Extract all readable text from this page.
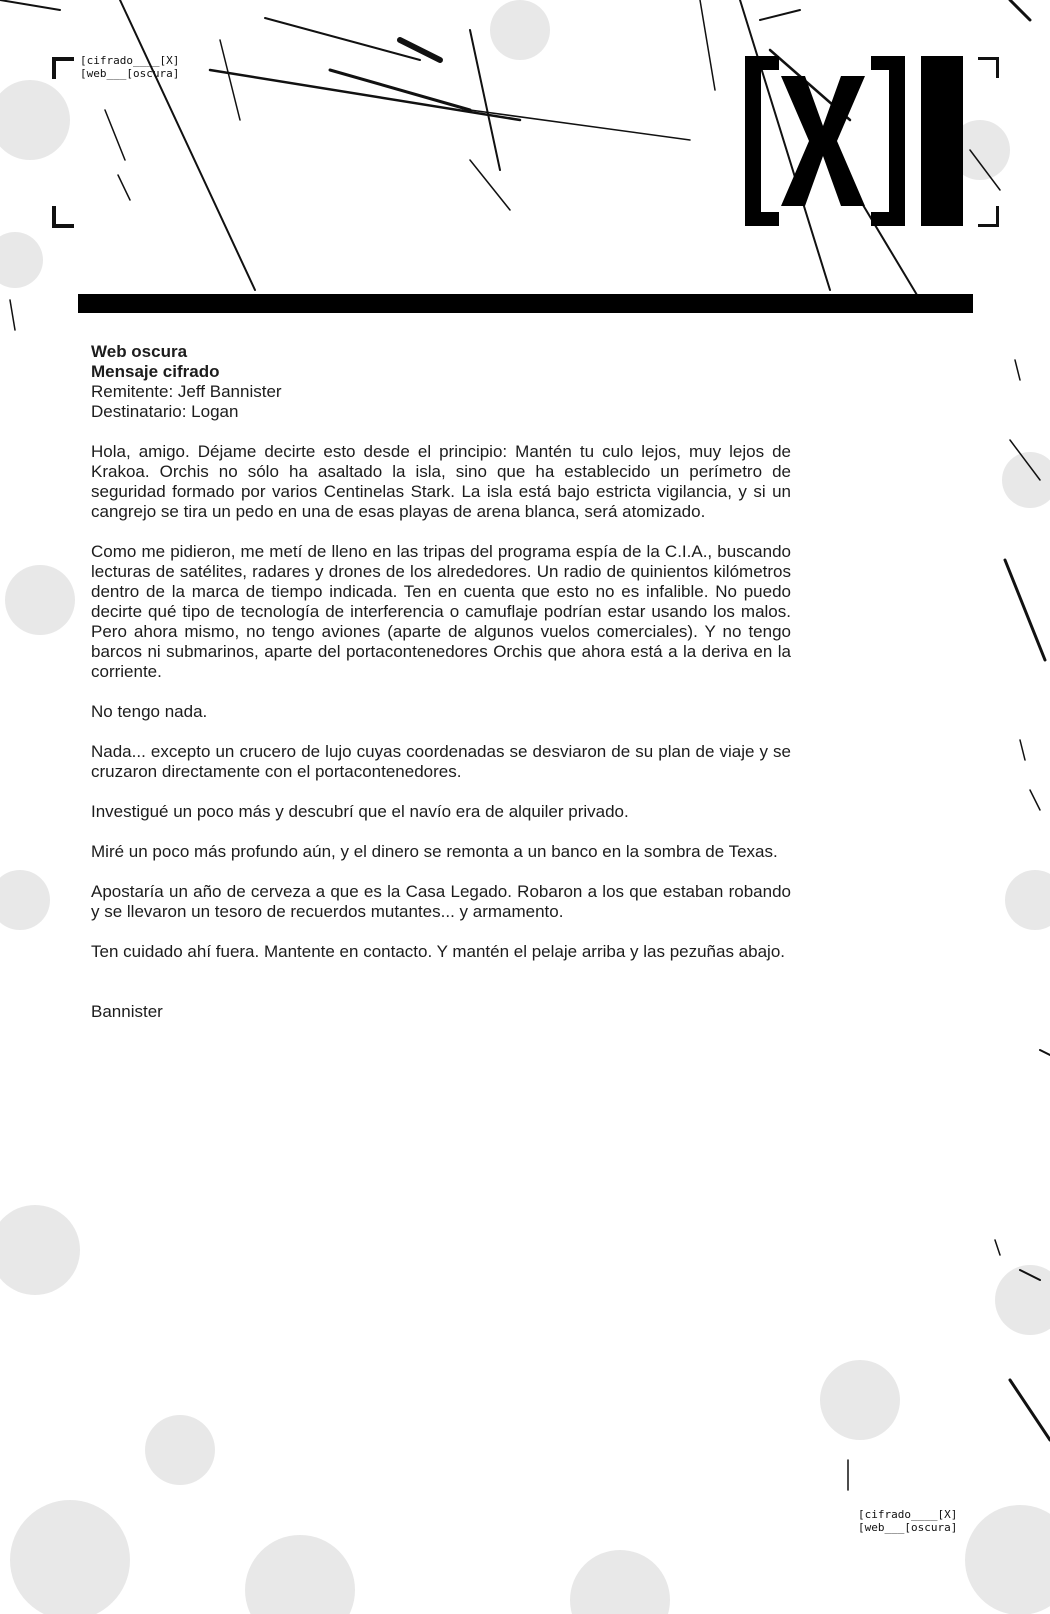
[cifrado____[X]
[web___[oscura]
Web oscura
Mensaje cifrado
Remitente: Jeff Bannister
Destinatario: Logan

Hola, amigo. Déjame decirte esto desde el principio: Mantén tu culo lejos, muy lejos de Krakoa. Orchis no sólo ha asaltado la isla, sino que ha establecido un perímetro de seguridad formado por varios Centinelas Stark. La isla está bajo estricta vigilancia, y si un cangrejo se tira un pedo en una de esas playas de arena blanca, será atomizado.

Como me pidieron, me metí de lleno en las tripas del programa espía de la C.I.A., buscando lecturas de satélites, radares y drones de los alrededores. Un radio de quinientos kilómetros dentro de la marca de tiempo indicada. Ten en cuenta que esto no es infalible. No puedo decirte qué tipo de tecnología de interferencia o camuflaje podrían estar usando los malos. Pero ahora mismo, no tengo aviones (aparte de algunos vuelos comerciales). Y no tengo barcos ni submarinos, aparte del portacontenedores Orchis que ahora está a la deriva en la corriente.

No tengo nada.

Nada... excepto un crucero de lujo cuyas coordenadas se desviaron de su plan de viaje y se cruzaron directamente con el portacontenedores.

Investigué un poco más y descubrí que el navío era de alquiler privado.

Miré un poco más profundo aún, y el dinero se remonta a un banco en la sombra de Texas.

Apostaría un año de cerveza a que es la Casa Legado. Robaron a los que estaban robando y se llevaron un tesoro de recuerdos mutantes... y armamento.

Ten cuidado ahí fuera. Mantente en contacto. Y mantén el pelaje arriba y las pezuñas abajo.

Bannister
[cifrado____[X]
[web___[oscura]
